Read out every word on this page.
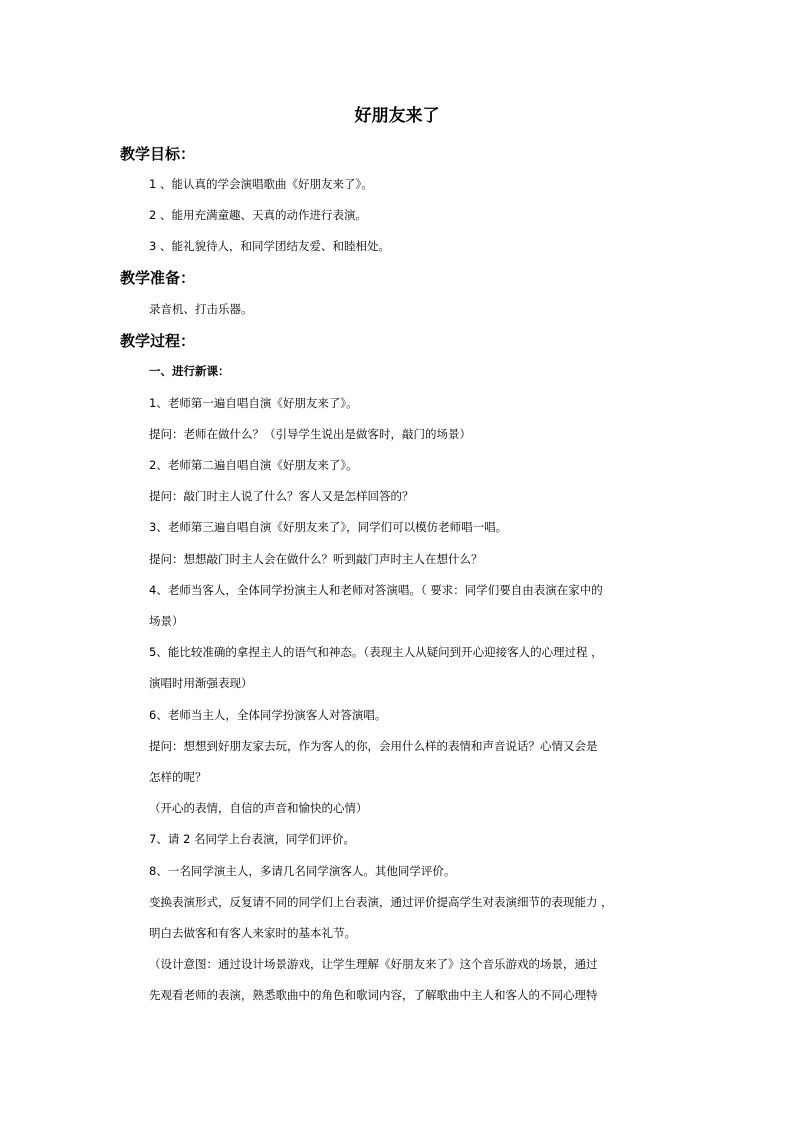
好朋友来了
教学目标：
1 、能认真的学会演唱歌曲《好朋友来了》。
2 、能用充满童趣、天真的动作进行表演。
3 、能礼貌待人，和同学团结友爱、和睦相处。
教学准备：
录音机、打击乐器。
教学过程：
一、进行新课：
1、老师第一遍自唱自演《好朋友来了》。
提问：老师在做什么？（引导学生说出是做客时，敲门的场景）
2、老师第二遍自唱自演《好朋友来了》。
提问：敲门时主人说了什么？客人又是怎样回答的？
3、老师第三遍自唱自演《好朋友来了》，同学们可以模仿老师唱一唱。
提问：想想敲门时主人会在做什么？听到敲门声时主人在想什么？
4、老师当客人，全体同学扮演主人和老师对答演唱。（ 要求：同学们要自由表演在家中的
场景）
5、能比较准确的拿捏主人的语气和神态。（表现主人从疑问到开心迎接客人的心理过程 ，
演唱时用渐强表现）
6、老师当主人，全体同学扮演客人对答演唱。
提问：想想到好朋友家去玩，作为客人的你，会用什么样的表情和声音说话？心情又会是
怎样的呢？
（开心的表情，自信的声音和愉快的心情）
7、请 2 名同学上台表演，同学们评价。
8、一名同学演主人，多请几名同学演客人。其他同学评价。
变换表演形式，反复请不同的同学们上台表演，通过评价提高学生对表演细节的表现能力 ，
明白去做客和有客人来家时的基本礼节。
（设计意图：通过设计场景游戏，让学生理解《好朋友来了》这个音乐游戏的场景，通过
先观看老师的表演，熟悉歌曲中的角色和歌词内容，了解歌曲中主人和客人的不同心理特
